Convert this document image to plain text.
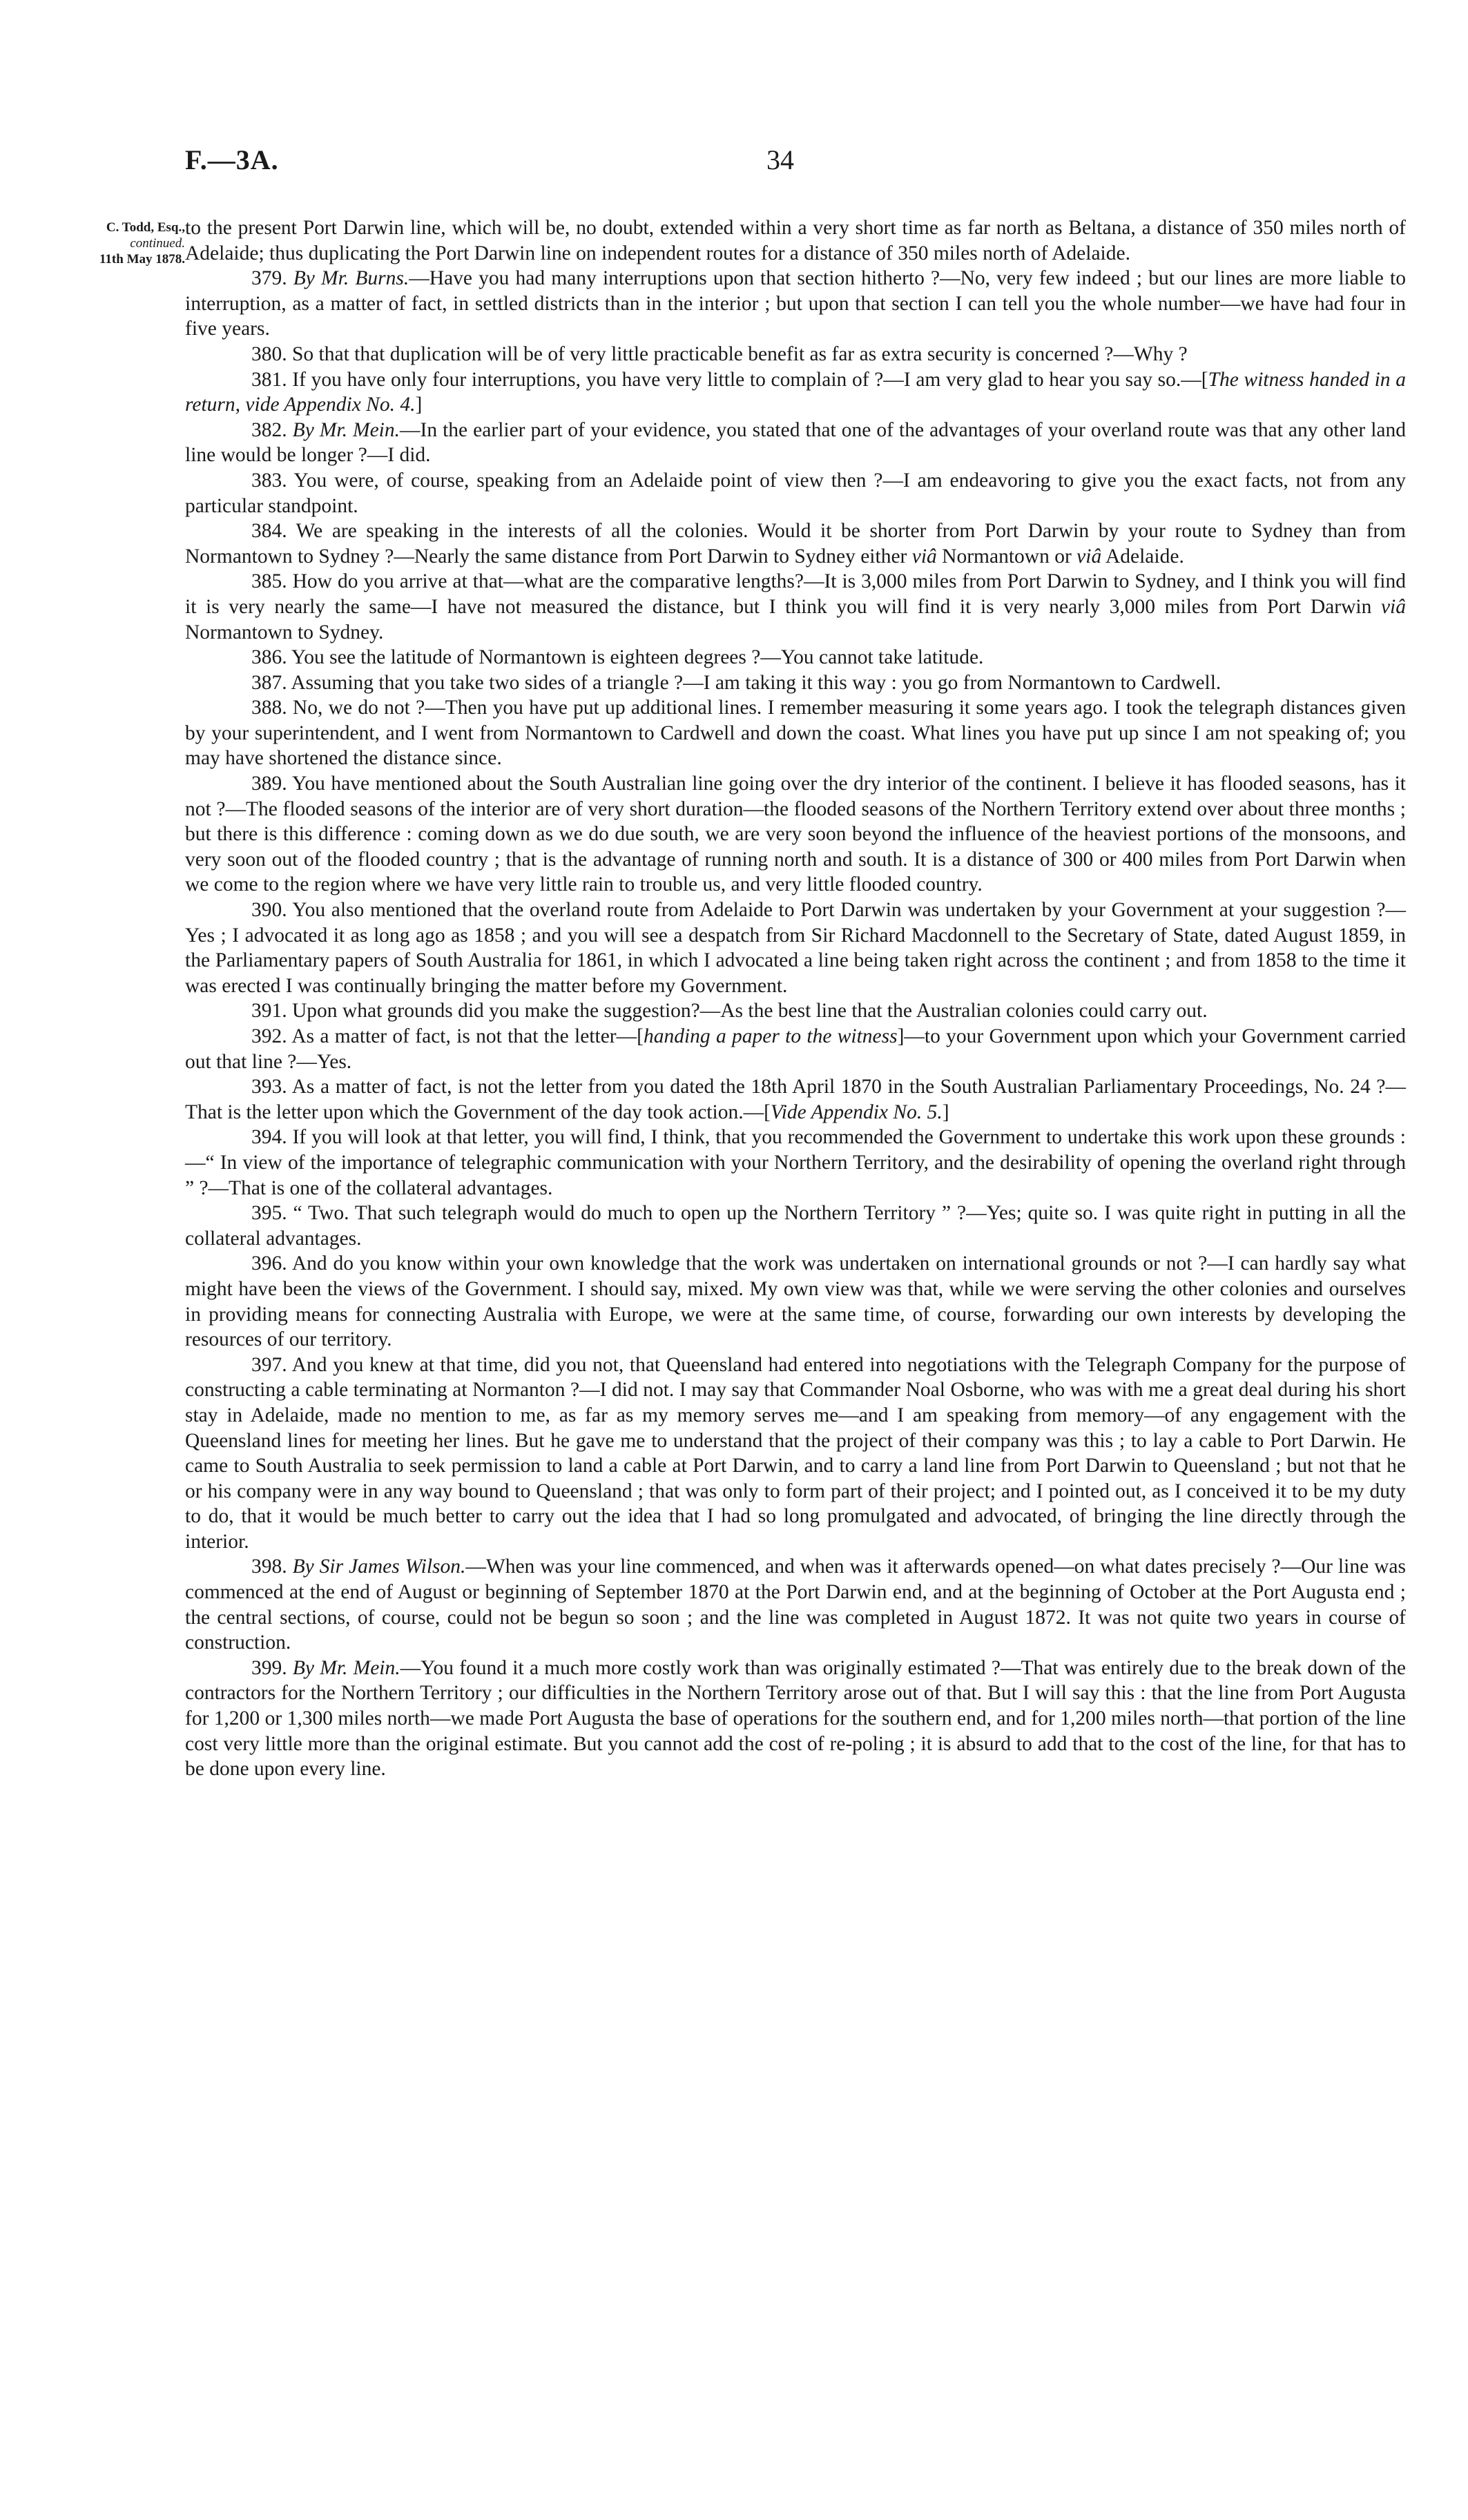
F.—3A.	34
C. Todd, Esq.,
continued.
11th May 1878.

to the present Port Darwin line, which will be, no doubt, extended within a very short time as far north as Beltana, a distance of 350 miles north of Adelaide; thus duplicating the Port Darwin line on independent routes for a distance of 350 miles north of Adelaide.

379. By Mr. Burns.—Have you had many interruptions upon that section hitherto ?—No, very few indeed ; but our lines are more liable to interruption, as a matter of fact, in settled districts than in the interior ; but upon that section I can tell you the whole number—we have had four in five years.

380. So that that duplication will be of very little practicable benefit as far as extra security is concerned ?—Why ?

381. If you have only four interruptions, you have very little to complain of ?—I am very glad to hear you say so.—[The witness handed in a return, vide Appendix No. 4.]

382. By Mr. Mein.—In the earlier part of your evidence, you stated that one of the advantages of your overland route was that any other land line would be longer ?—I did.

383. You were, of course, speaking from an Adelaide point of view then ?—I am endeavoring to give you the exact facts, not from any particular standpoint.

384. We are speaking in the interests of all the colonies. Would it be shorter from Port Darwin by your route to Sydney than from Normantown to Sydney ?—Nearly the same distance from Port Darwin to Sydney either viâ Normantown or viâ Adelaide.

385. How do you arrive at that—what are the comparative lengths?—It is 3,000 miles from Port Darwin to Sydney, and I think you will find it is very nearly the same—I have not measured the distance, but I think you will find it is very nearly 3,000 miles from Port Darwin viâ Normantown to Sydney.

386. You see the latitude of Normantown is eighteen degrees ?—You cannot take latitude.

387. Assuming that you take two sides of a triangle ?—I am taking it this way : you go from Normantown to Cardwell.

388. No, we do not ?—Then you have put up additional lines. I remember measuring it some years ago. I took the telegraph distances given by your superintendent, and I went from Normantown to Cardwell and down the coast. What lines you have put up since I am not speaking of; you may have shortened the distance since.

389. You have mentioned about the South Australian line going over the dry interior of the continent. I believe it has flooded seasons, has it not ?—The flooded seasons of the interior are of very short duration—the flooded seasons of the Northern Territory extend over about three months ; but there is this difference : coming down as we do due south, we are very soon beyond the influence of the heaviest portions of the monsoons, and very soon out of the flooded country ; that is the advantage of running north and south. It is a distance of 300 or 400 miles from Port Darwin when we come to the region where we have very little rain to trouble us, and very little flooded country.

390. You also mentioned that the overland route from Adelaide to Port Darwin was undertaken by your Government at your suggestion ?—Yes ; I advocated it as long ago as 1858 ; and you will see a despatch from Sir Richard Macdonnell to the Secretary of State, dated August 1859, in the Parliamentary papers of South Australia for 1861, in which I advocated a line being taken right across the continent ; and from 1858 to the time it was erected I was continually bringing the matter before my Government.

391. Upon what grounds did you make the suggestion?—As the best line that the Australian colonies could carry out.

392. As a matter of fact, is not that the letter—[handing a paper to the witness]—to your Government upon which your Government carried out that line ?—Yes.

393. As a matter of fact, is not the letter from you dated the 18th April 1870 in the South Australian Parliamentary Proceedings, No. 24 ?—That is the letter upon which the Government of the day took action.—[Vide Appendix No. 5.]

394. If you will look at that letter, you will find, I think, that you recommended the Government to undertake this work upon these grounds :—“ In view of the importance of telegraphic communication with your Northern Territory, and the desirability of opening the overland right through ” ?—That is one of the collateral advantages.

395. “ Two. That such telegraph would do much to open up the Northern Territory ” ?—Yes; quite so. I was quite right in putting in all the collateral advantages.

396. And do you know within your own knowledge that the work was undertaken on international grounds or not ?—I can hardly say what might have been the views of the Government. I should say, mixed. My own view was that, while we were serving the other colonies and ourselves in providing means for connecting Australia with Europe, we were at the same time, of course, forwarding our own interests by developing the resources of our territory.

397. And you knew at that time, did you not, that Queensland had entered into negotiations with the Telegraph Company for the purpose of constructing a cable terminating at Normanton ?—I did not. I may say that Commander Noal Osborne, who was with me a great deal during his short stay in Adelaide, made no mention to me, as far as my memory serves me—and I am speaking from memory—of any engagement with the Queensland lines for meeting her lines. But he gave me to understand that the project of their company was this ; to lay a cable to Port Darwin. He came to South Australia to seek permission to land a cable at Port Darwin, and to carry a land line from Port Darwin to Queensland ; but not that he or his company were in any way bound to Queensland ; that was only to form part of their project; and I pointed out, as I conceived it to be my duty to do, that it would be much better to carry out the idea that I had so long promulgated and advocated, of bringing the line directly through the interior.

398. By Sir James Wilson.—When was your line commenced, and when was it afterwards opened—on what dates precisely ?—Our line was commenced at the end of August or beginning of September 1870 at the Port Darwin end, and at the beginning of October at the Port Augusta end ; the central sections, of course, could not be begun so soon ; and the line was completed in August 1872. It was not quite two years in course of construction.

399. By Mr. Mein.—You found it a much more costly work than was originally estimated ?—That was entirely due to the break down of the contractors for the Northern Territory ; our difficulties in the Northern Territory arose out of that. But I will say this : that the line from Port Augusta for 1,200 or 1,300 miles north—we made Port Augusta the base of operations for the southern end, and for 1,200 miles north—that portion of the line cost very little more than the original estimate. But you cannot add the cost of re-poling ; it is absurd to add that to the cost of the line, for that has to be done upon every line.
